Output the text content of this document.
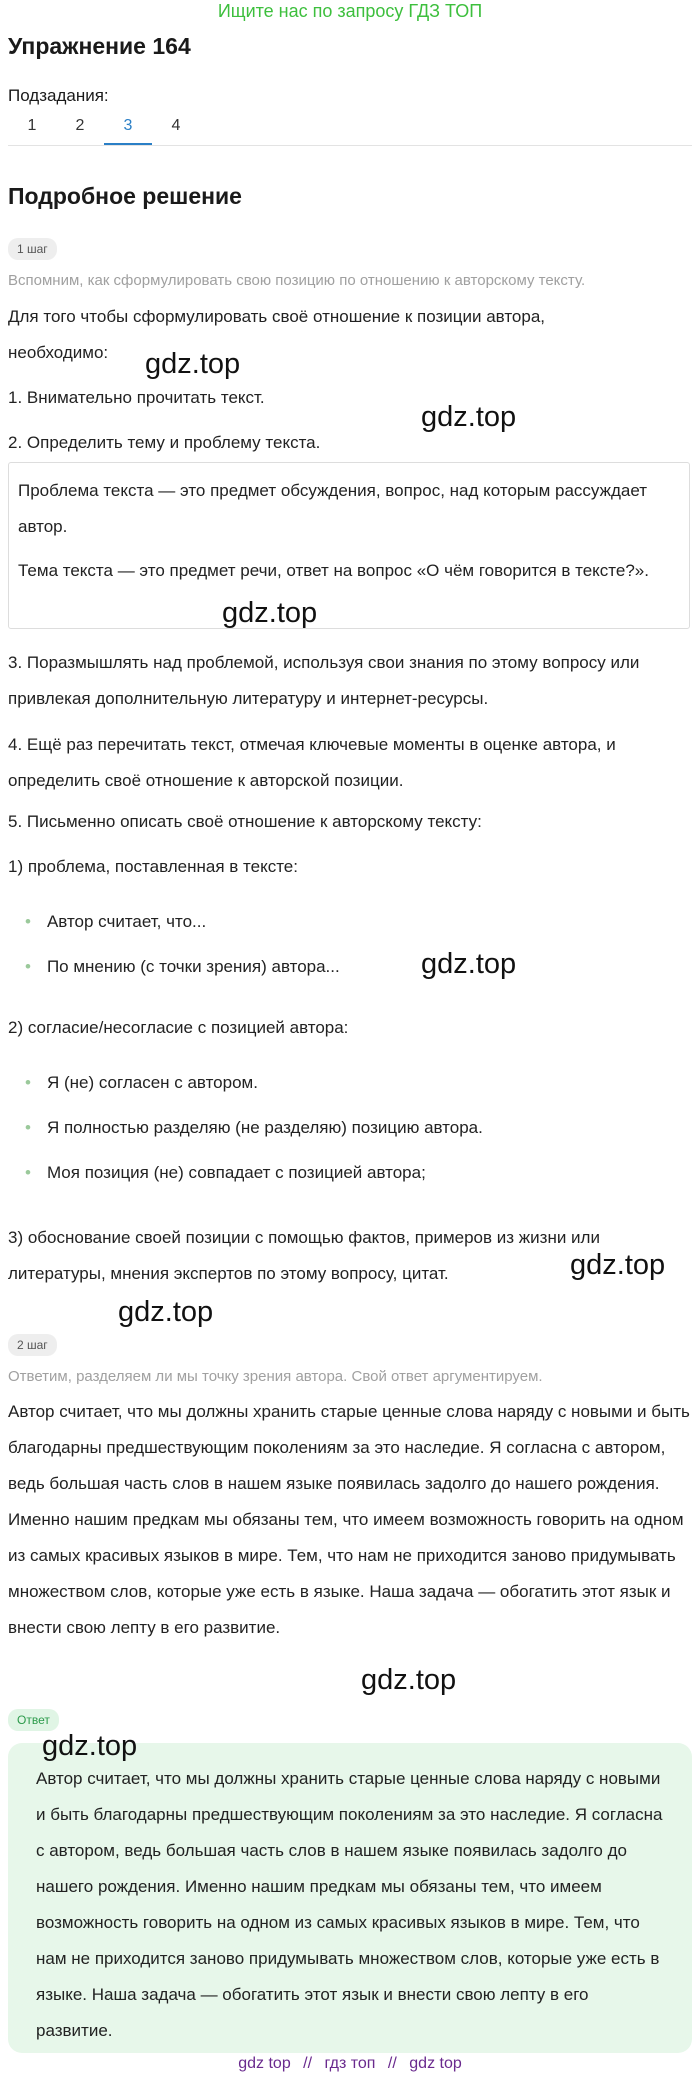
Ищите нас по запросу ГДЗ ТОП
Упражнение 164
Подзадания:
1	2	3	4
Подробное решение
1 шаг
Вспомним, как сформулировать свою позицию по отношению к авторскому тексту.
Для того чтобы сформулировать своё отношение к позиции автора,
необходимо:
1. Внимательно прочитать текст.
2. Определить тему и проблему текста.

Проблема текста — это предмет обсуждения, вопрос, над которым рассуждает автор.

Тема текста — это предмет речи, ответ на вопрос «О чём говорится в тексте?».

3. Поразмышлять над проблемой, используя свои знания по этому вопросу или привлекая дополнительную литературу и интернет-ресурсы.
4. Ещё раз перечитать текст, отмечая ключевые моменты в оценке автора, и определить своё отношение к авторской позиции.
5. Письменно описать своё отношение к авторскому тексту:
1) проблема, поставленная в тексте:
• Автор считает, что...
• По мнению (с точки зрения) автора...
2) согласие/несогласие с позицией автора:
• Я (не) согласен с автором.
• Я полностью разделяю (не разделяю) позицию автора.
• Моя позиция (не) совпадает с позицией автора;
3) обоснование своей позиции с помощью фактов, примеров из жизни или литературы, мнения экспертов по этому вопросу, цитат.
2 шаг
Ответим, разделяем ли мы точку зрения автора. Свой ответ аргументируем.
Автор считает, что мы должны хранить старые ценные слова наряду с новыми и быть благодарны предшествующим поколениям за это наследие. Я согласна с автором, ведь большая часть слов в нашем языке появилась задолго до нашего рождения. Именно нашим предкам мы обязаны тем, что имеем возможность говорить на одном из самых красивых языков в мире. Тем, что нам не приходится заново придумывать множеством слов, которые уже есть в языке. Наша задача — обогатить этот язык и внести свою лепту в его развитие.
Ответ
Автор считает, что мы должны хранить старые ценные слова наряду с новыми и быть благодарны предшествующим поколениям за это наследие. Я согласна с автором, ведь большая часть слов в нашем языке появилась задолго до нашего рождения. Именно нашим предкам мы обязаны тем, что имеем возможность говорить на одном из самых красивых языков в мире. Тем, что нам не приходится заново придумывать множеством слов, которые уже есть в языке. Наша задача — обогатить этот язык и внести свою лепту в его развитие.
gdz.top
gdz.top
gdz.top
gdz.top
gdz.top
gdz.top
gdz.top
gdz.top
gdz top // гдз топ // gdz top
